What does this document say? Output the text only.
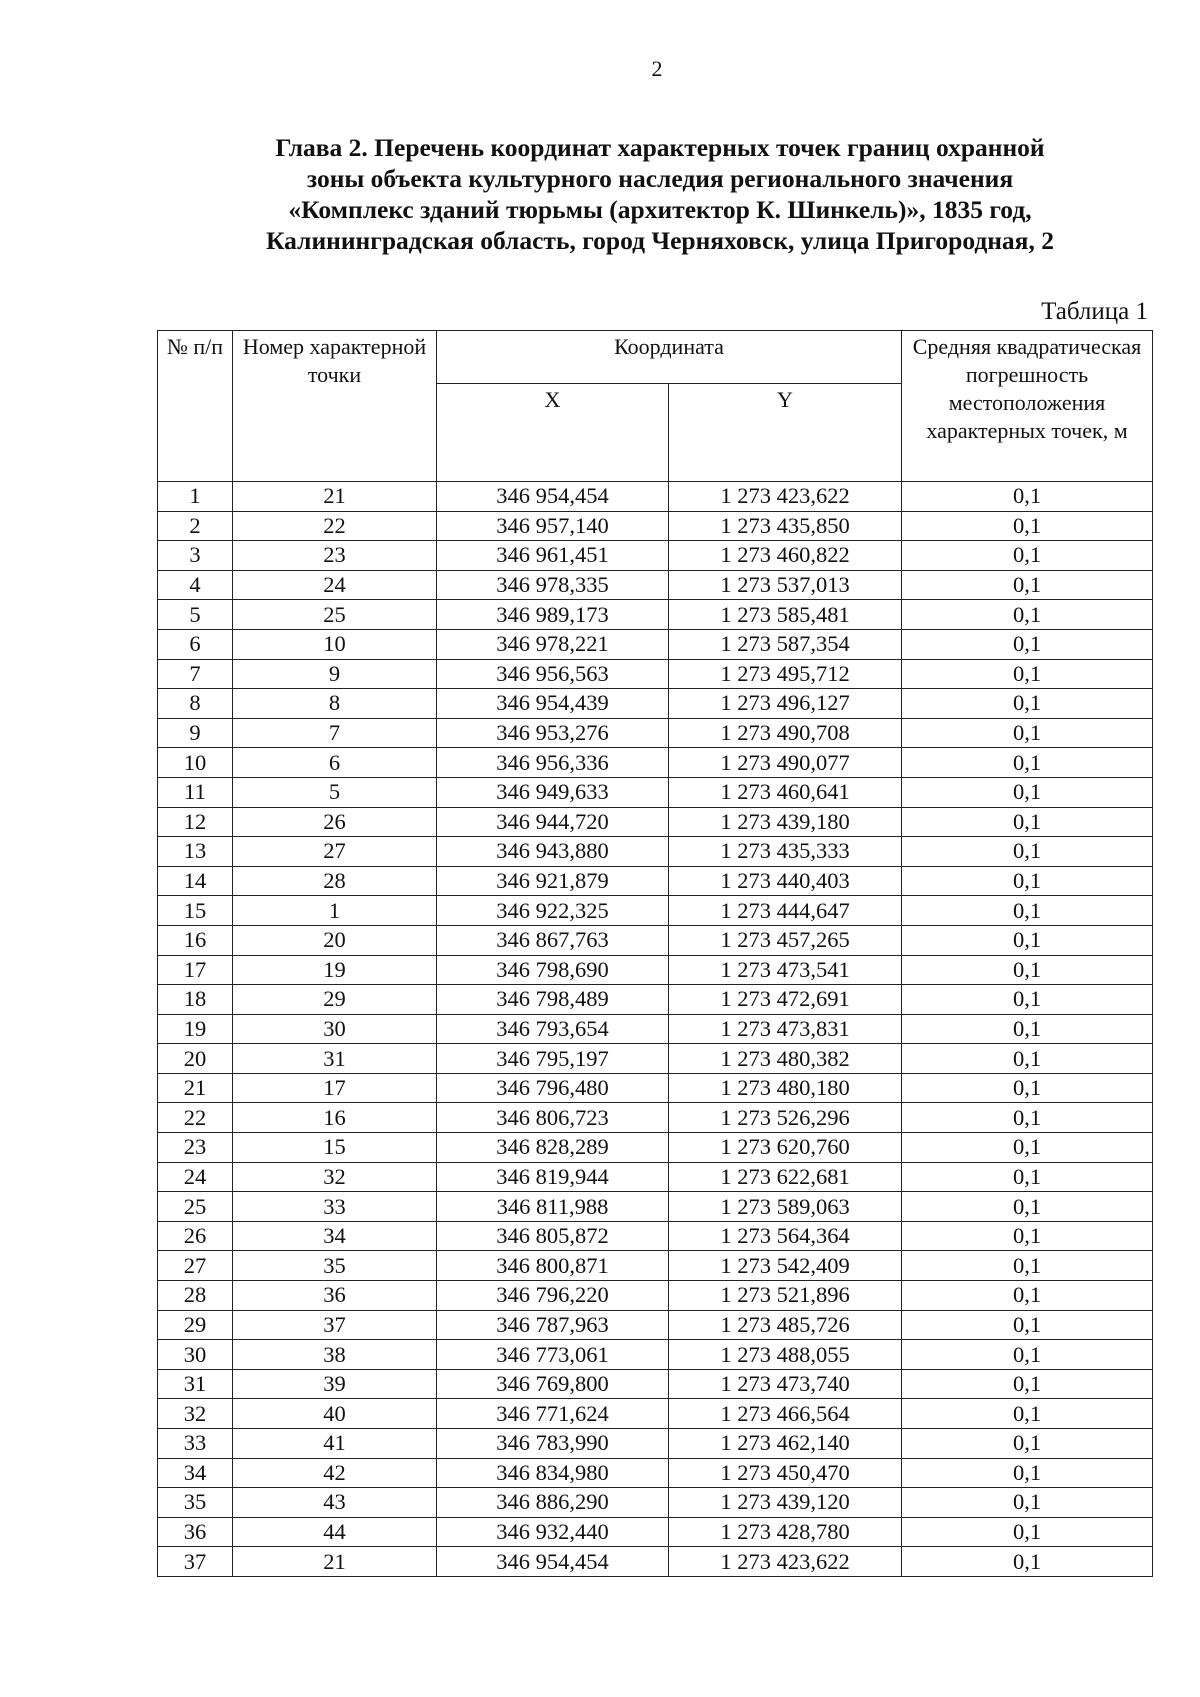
2
Глава 2. Перечень координат характерных точек границ охранной
зоны объекта культурного наследия регионального значения
«Комплекс зданий тюрьмы (архитектор К. Шинкель)», 1835 год,
Калининградская область, город Черняховск, улица Пригородная, 2
Таблица 1
№ п/п	Номер характерной точки	Координата		Средняя квадратическая погрешность местоположения характерных точек, м
		X	Y	
1	21	346 954,454	1 273 423,622	0,1
2	22	346 957,140	1 273 435,850	0,1
3	23	346 961,451	1 273 460,822	0,1
4	24	346 978,335	1 273 537,013	0,1
5	25	346 989,173	1 273 585,481	0,1
6	10	346 978,221	1 273 587,354	0,1
7	9	346 956,563	1 273 495,712	0,1
8	8	346 954,439	1 273 496,127	0,1
9	7	346 953,276	1 273 490,708	0,1
10	6	346 956,336	1 273 490,077	0,1
11	5	346 949,633	1 273 460,641	0,1
12	26	346 944,720	1 273 439,180	0,1
13	27	346 943,880	1 273 435,333	0,1
14	28	346 921,879	1 273 440,403	0,1
15	1	346 922,325	1 273 444,647	0,1
16	20	346 867,763	1 273 457,265	0,1
17	19	346 798,690	1 273 473,541	0,1
18	29	346 798,489	1 273 472,691	0,1
19	30	346 793,654	1 273 473,831	0,1
20	31	346 795,197	1 273 480,382	0,1
21	17	346 796,480	1 273 480,180	0,1
22	16	346 806,723	1 273 526,296	0,1
23	15	346 828,289	1 273 620,760	0,1
24	32	346 819,944	1 273 622,681	0,1
25	33	346 811,988	1 273 589,063	0,1
26	34	346 805,872	1 273 564,364	0,1
27	35	346 800,871	1 273 542,409	0,1
28	36	346 796,220	1 273 521,896	0,1
29	37	346 787,963	1 273 485,726	0,1
30	38	346 773,061	1 273 488,055	0,1
31	39	346 769,800	1 273 473,740	0,1
32	40	346 771,624	1 273 466,564	0,1
33	41	346 783,990	1 273 462,140	0,1
34	42	346 834,980	1 273 450,470	0,1
35	43	346 886,290	1 273 439,120	0,1
36	44	346 932,440	1 273 428,780	0,1
37	21	346 954,454	1 273 423,622	0,1
